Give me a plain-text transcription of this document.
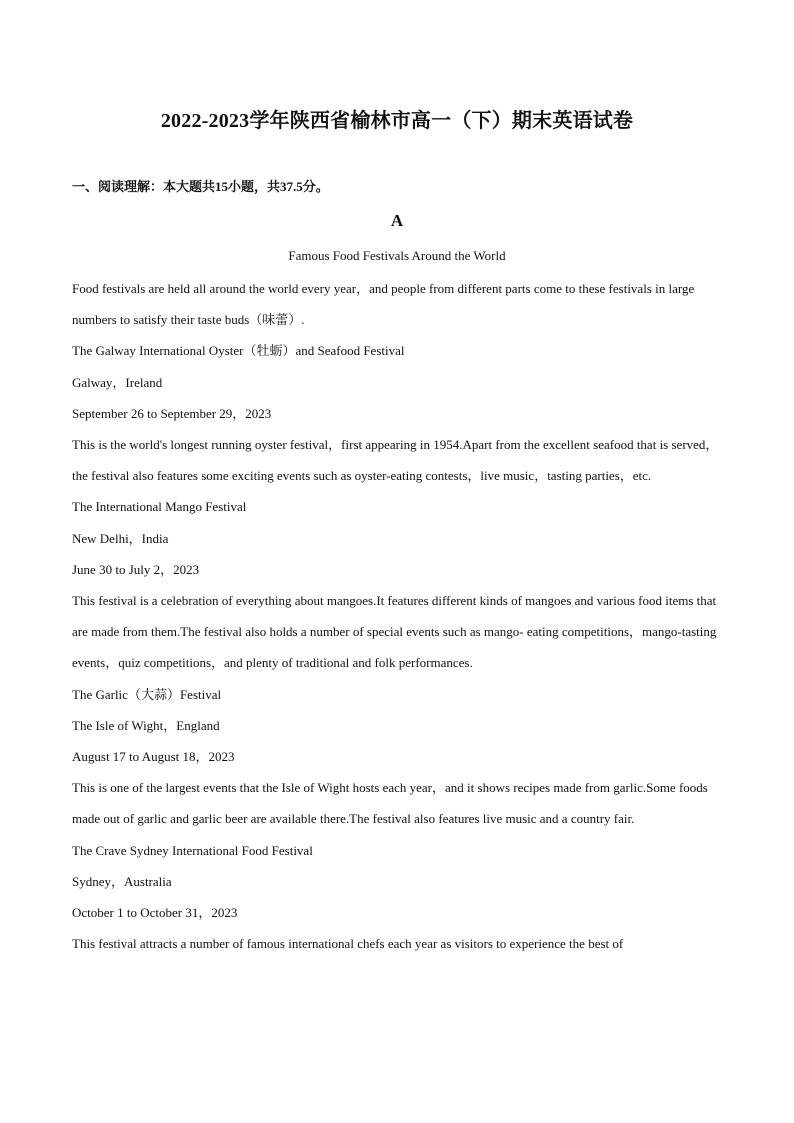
2022-2023学年陕西省榆林市高一（下）期末英语试卷
一、阅读理解：本大题共15小题，共37.5分。
A
Famous Food Festivals Around the World

Food festivals are held all around the world every year，and people from different parts come to these festivals in large numbers to satisfy their taste buds（味蕾）.

The Galway International Oyster（牡蛎）and Seafood Festival

Galway，Ireland

September 26 to September 29，2023

This is the world's longest running oyster festival，first appearing in 1954.Apart from the excellent seafood that is served，the festival also features some exciting events such as oyster-eating contests，live music，tasting parties，etc.

The International Mango Festival

New Delhi，India

June 30 to July 2，2023

This festival is a celebration of everything about mangoes.It features different kinds of mangoes and various food items that are made from them.The festival also holds a number of special events such as mango- eating competitions，mango-tasting events，quiz competitions，and plenty of traditional and folk performances.

The Garlic（大蒜）Festival

The Isle of Wight，England

August 17 to August 18，2023

This is one of the largest events that the Isle of Wight hosts each year，and it shows recipes made from garlic.Some foods made out of garlic and garlic beer are available there.The festival also features live music and a country fair.

The Crave Sydney International Food Festival

Sydney，Australia

October 1 to October 31，2023

This festival attracts a number of famous international chefs each year as visitors to experience the best of
